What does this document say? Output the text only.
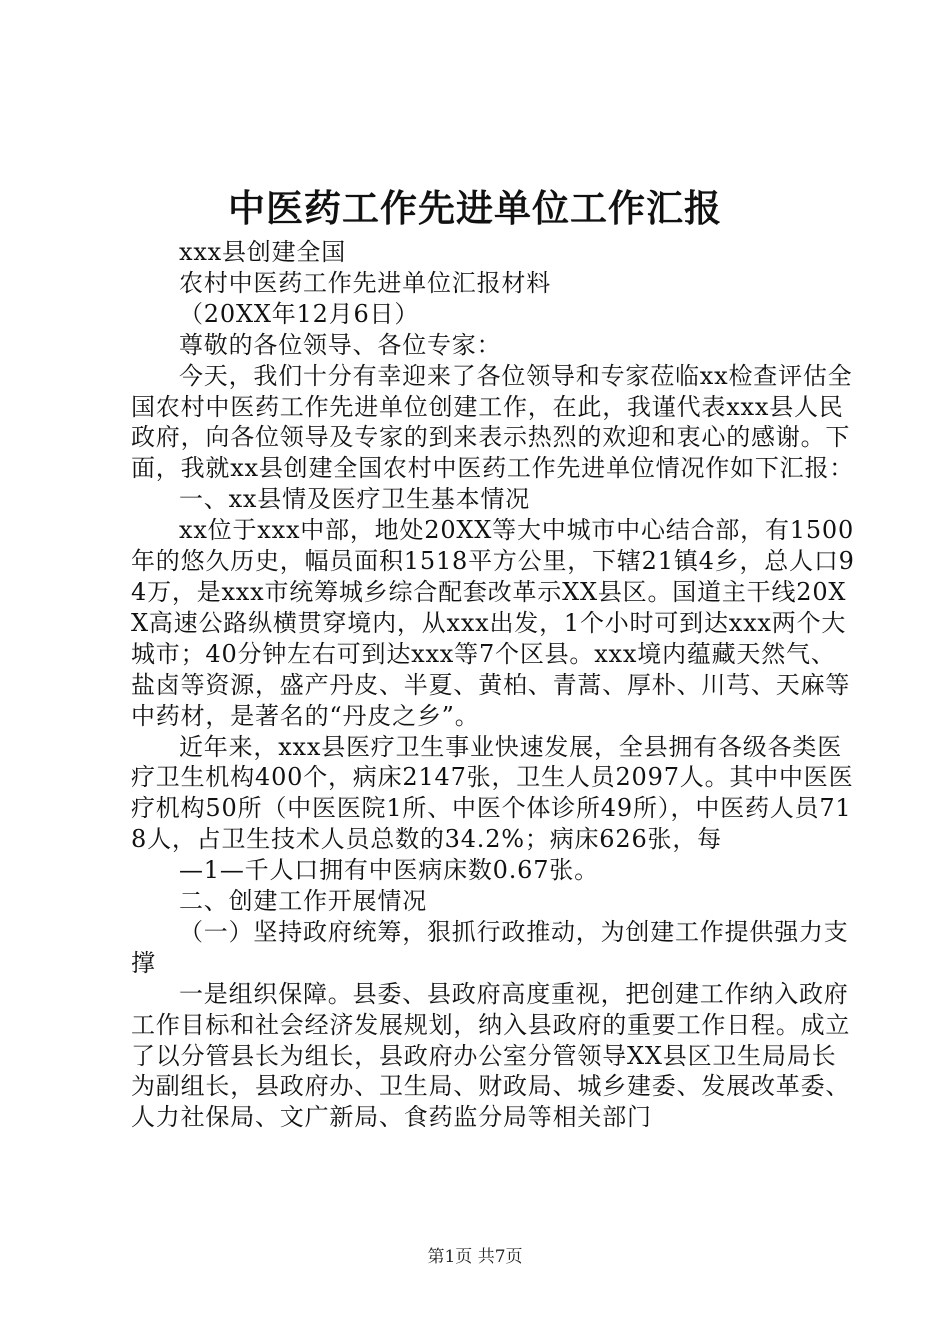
中医药工作先进单位工作汇报

xxx县创建全国

农村中医药工作先进单位汇报材料

（20XX年12月6日）

尊敬的各位领导、各位专家：

今天，我们十分有幸迎来了各位领导和专家莅临xx检查评估全国农村中医药工作先进单位创建工作，在此，我谨代表xxx县人民政府，向各位领导及专家的到来表示热烈的欢迎和衷心的感谢。下面，我就xx县创建全国农村中医药工作先进单位情况作如下汇报：

一、xx县情及医疗卫生基本情况

xx位于xxx中部，地处20XX等大中城市中心结合部，有1500年的悠久历史，幅员面积1518平方公里，下辖21镇4乡，总人口94万，是xxx市统筹城乡综合配套改革示XX县区。国道主干线20XX高速公路纵横贯穿境内，从xxx出发，1个小时可到达xxx两个大城市；40分钟左右可到达xxx等7个区县。xxx境内蕴藏天然气、盐卤等资源，盛产丹皮、半夏、黄柏、青蒿、厚朴、川芎、天麻等中药材，是著名的“丹皮之乡”。

近年来，xxx县医疗卫生事业快速发展，全县拥有各级各类医疗卫生机构400个，病床2147张，卫生人员2097人。其中中医医疗机构50所（中医医院1所、中医个体诊所49所），中医药人员718人，占卫生技术人员总数的34.2%；病床626张，每

—1—千人口拥有中医病床数0.67张。

二、创建工作开展情况

（一）坚持政府统筹，狠抓行政推动，为创建工作提供强力支撑

一是组织保障。县委、县政府高度重视，把创建工作纳入政府工作目标和社会经济发展规划，纳入县政府的重要工作日程。成立了以分管县长为组长，县政府办公室分管领导XX县区卫生局局长为副组长，县政府办、卫生局、财政局、城乡建委、发展改革委、人力社保局、文广新局、食药监分局等相关部门

第1页 共7页
